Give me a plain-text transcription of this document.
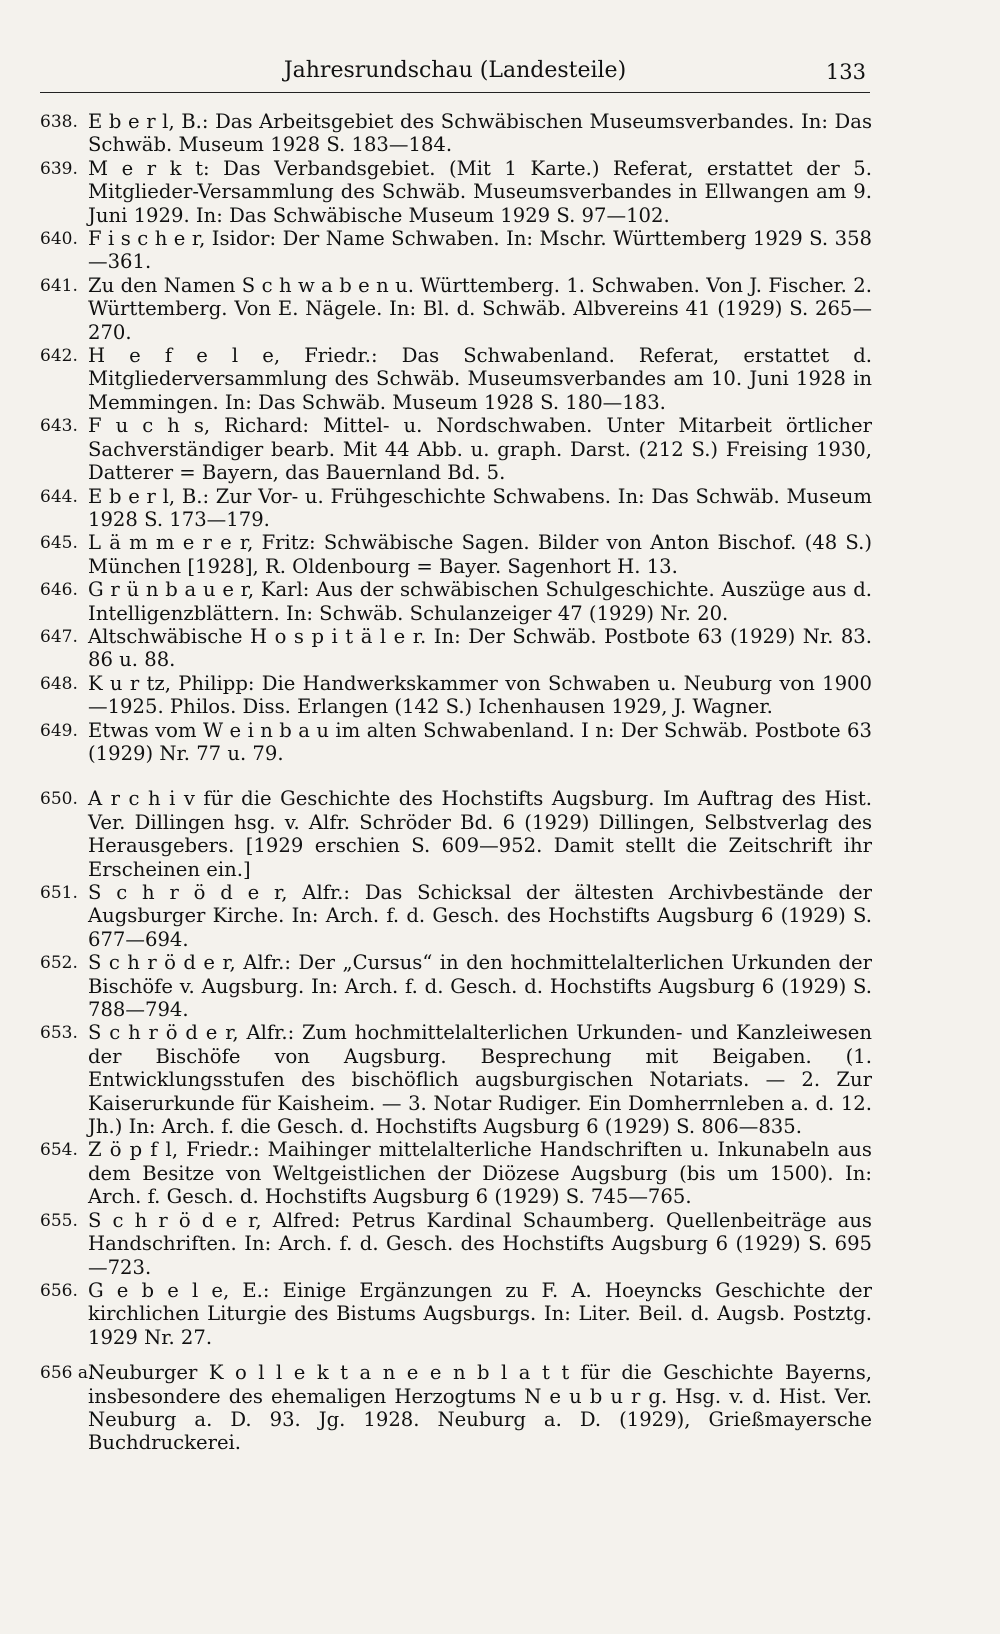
Jahresrundschau (Landesteile)	133
638. E b e r l, B.: Das Arbeitsgebiet des Schwäbischen Museumsverbandes. In: Das Schwäb. Museum 1928 S. 183—184.
639. M e r k t: Das Verbandsgebiet. (Mit 1 Karte.) Referat, erstattet der 5. Mitglieder-Versammlung des Schwäb. Museumsverbandes in Ellwangen am 9. Juni 1929. In: Das Schwäbische Museum 1929 S. 97—102.
640. F i s c h e r, Isidor: Der Name Schwaben. In: Mschr. Württemberg 1929 S. 358—361.
641. Zu den Namen S c h w a b e n u. Württemberg. 1. Schwaben. Von J. Fischer. 2. Württemberg. Von E. Nägele. In: Bl. d. Schwäb. Albvereins 41 (1929) S. 265—270.
642. H e f e l e, Friedr.: Das Schwabenland. Referat, erstattet d. Mitgliederversammlung des Schwäb. Museumsverbandes am 10. Juni 1928 in Memmingen. In: Das Schwäb. Museum 1928 S. 180—183.
643. F u c h s, Richard: Mittel- u. Nordschwaben. Unter Mitarbeit örtlicher Sachverständiger bearb. Mit 44 Abb. u. graph. Darst. (212 S.) Freising 1930, Datterer = Bayern, das Bauernland Bd. 5.
644. E b e r l, B.: Zur Vor- u. Frühgeschichte Schwabens. In: Das Schwäb. Museum 1928 S. 173—179.
645. L ä m m e r e r, Fritz: Schwäbische Sagen. Bilder von Anton Bischof. (48 S.) München [1928], R. Oldenbourg = Bayer. Sagenhort H. 13.
646. G r ü n b a u e r, Karl: Aus der schwäbischen Schulgeschichte. Auszüge aus d. Intelligenzblättern. In: Schwäb. Schulanzeiger 47 (1929) Nr. 20.
647. Altschwäbische H o s p i t ä l e r. In: Der Schwäb. Postbote 63 (1929) Nr. 83. 86 u. 88.
648. K u r tz, Philipp: Die Handwerkskammer von Schwaben u. Neuburg von 1900—1925. Philos. Diss. Erlangen (142 S.) Ichenhausen 1929, J. Wagner.
649. Etwas vom W e i n b a u im alten Schwabenland. I n: Der Schwäb. Postbote 63 (1929) Nr. 77 u. 79.
650. A r c h i v für die Geschichte des Hochstifts Augsburg. Im Auftrag des Hist. Ver. Dillingen hsg. v. Alfr. Schröder Bd. 6 (1929) Dillingen, Selbstverlag des Herausgebers. [1929 erschien S. 609—952. Damit stellt die Zeitschrift ihr Erscheinen ein.]
651. S c h r ö d e r, Alfr.: Das Schicksal der ältesten Archivbestände der Augsburger Kirche. In: Arch. f. d. Gesch. des Hochstifts Augsburg 6 (1929) S. 677—694.
652. S c h r ö d e r, Alfr.: Der „Cursus“ in den hochmittelalterlichen Urkunden der Bischöfe v. Augsburg. In: Arch. f. d. Gesch. d. Hochstifts Augsburg 6 (1929) S. 788—794.
653. S c h r ö d e r, Alfr.: Zum hochmittelalterlichen Urkunden- und Kanzleiwesen der Bischöfe von Augsburg. Besprechung mit Beigaben. (1. Entwicklungsstufen des bischöflich augsburgischen Notariats. — 2. Zur Kaiserurkunde für Kaisheim. — 3. Notar Rudiger. Ein Domherrnleben a. d. 12. Jh.) In: Arch. f. die Gesch. d. Hochstifts Augsburg 6 (1929) S. 806—835.
654. Z ö p f l, Friedr.: Maihinger mittelalterliche Handschriften u. Inkunabeln aus dem Besitze von Weltgeistlichen der Diözese Augsburg (bis um 1500). In: Arch. f. Gesch. d. Hochstifts Augsburg 6 (1929) S. 745—765.
655. S c h r ö d e r, Alfred: Petrus Kardinal Schaumberg. Quellenbeiträge aus Handschriften. In: Arch. f. d. Gesch. des Hochstifts Augsburg 6 (1929) S. 695—723.
656. G e b e l e, E.: Einige Ergänzungen zu F. A. Hoeyncks Geschichte der kirchlichen Liturgie des Bistums Augsburgs. In: Liter. Beil. d. Augsb. Postztg. 1929 Nr. 27.
656 a.
Neuburger K o l l e k t a n e e n b l a t t für die Geschichte Bayerns, insbesondere des ehemaligen Herzogtums N e u b u r g. Hsg. v. d. Hist. Ver. Neuburg a. D. 93. Jg. 1928. Neuburg a. D. (1929), Grießmayersche Buchdruckerei.
